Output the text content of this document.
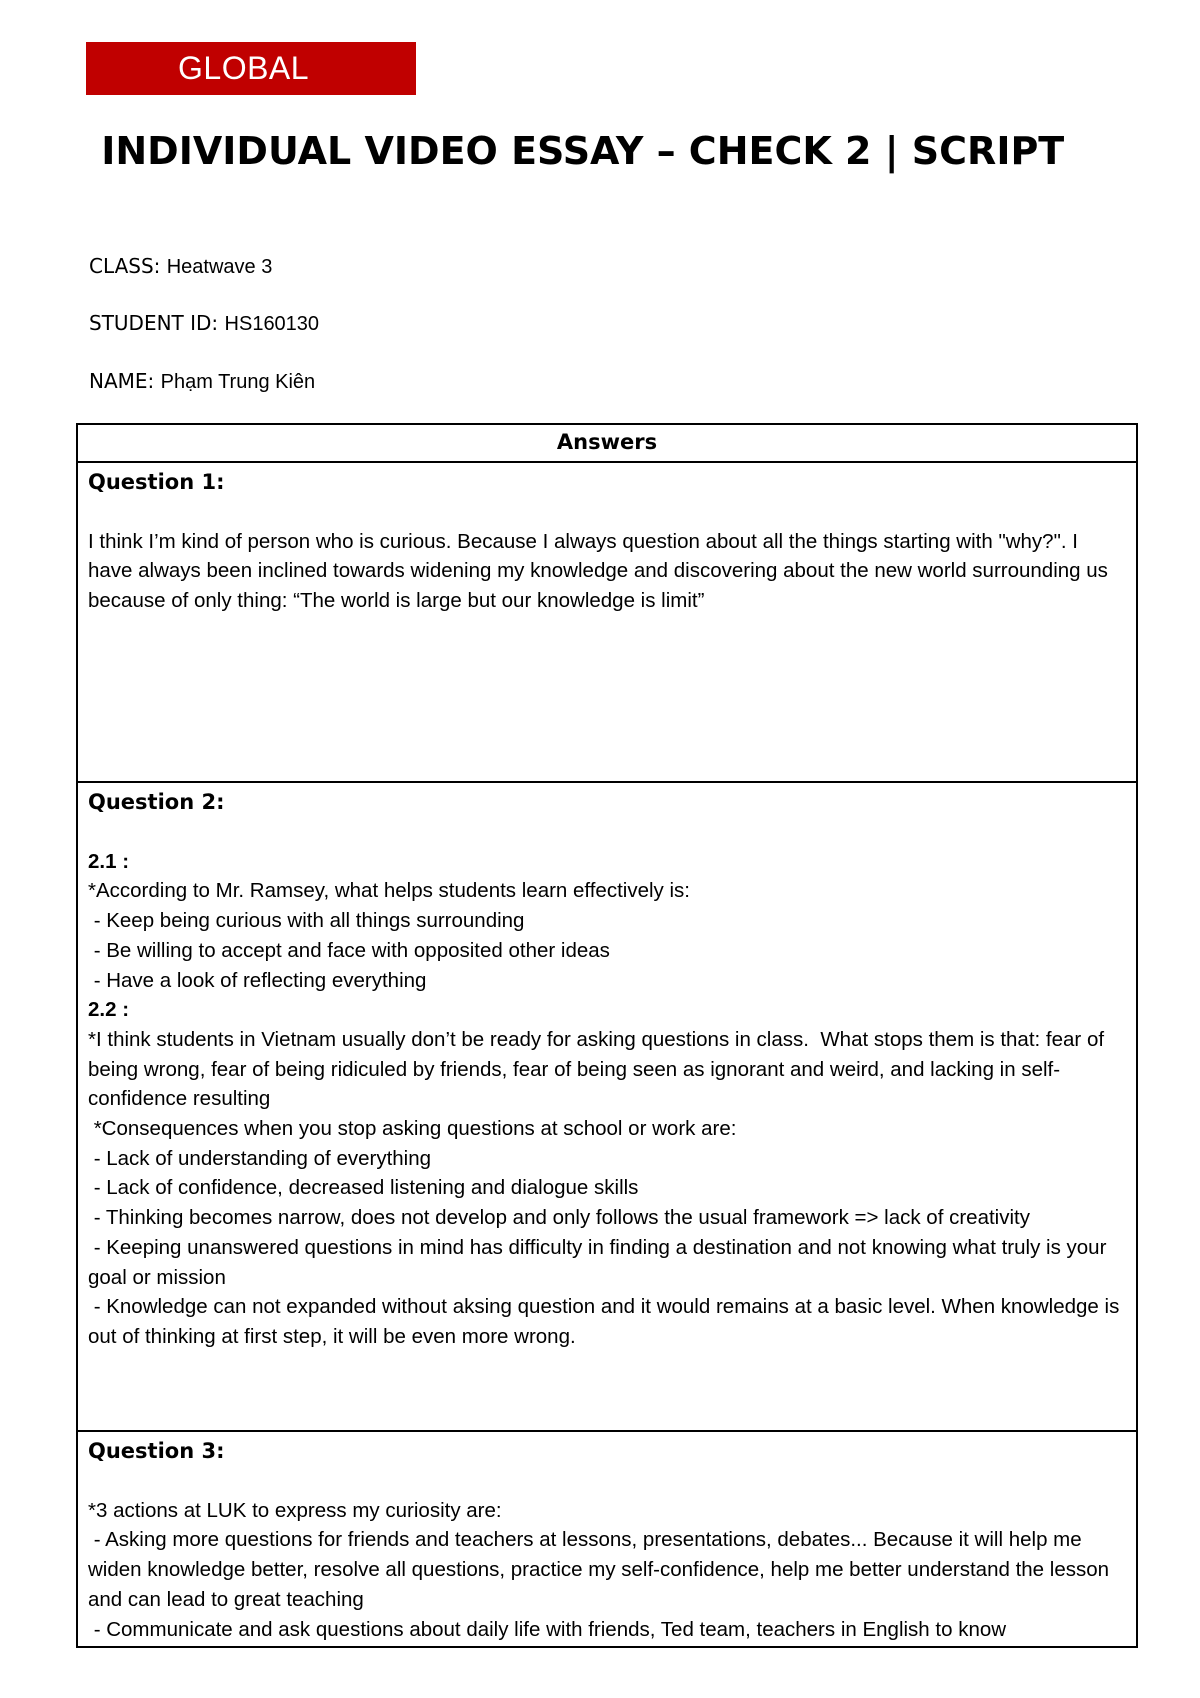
GLOBAL
INDIVIDUAL VIDEO ESSAY – CHECK 2 | SCRIPT
CLASS: Heatwave 3
STUDENT ID: HS160130
NAME: Phạm Trung Kiên
Answers

Question 1:
I think I’m kind of person who is curious. Because I always question about all the things starting with "why?". I have always been inclined towards widening my knowledge and discovering about the new world surrounding us because of only thing: “The world is large but our knowledge is limit”

Question 2:
2.1 :
*According to Mr. Ramsey, what helps students learn effectively is:
- Keep being curious with all things surrounding
- Be willing to accept and face with opposited other ideas
- Have a look of reflecting everything
2.2 :
*I think students in Vietnam usually don’t be ready for asking questions in class.  What stops them is that: fear of being wrong, fear of being ridiculed by friends, fear of being seen as ignorant and weird, and lacking in self-confidence resulting
*Consequences when you stop asking questions at school or work are:
- Lack of understanding of everything
- Lack of confidence, decreased listening and dialogue skills
- Thinking becomes narrow, does not develop and only follows the usual framework => lack of creativity
- Keeping unanswered questions in mind has difficulty in finding a destination and not knowing what truly is your goal or mission
- Knowledge can not expanded without aksing question and it would remains at a basic level. When knowledge is out of thinking at first step, it will be even more wrong.

Question 3:
*3 actions at LUK to express my curiosity are:
- Asking more questions for friends and teachers at lessons, presentations, debates... Because it will help me widen knowledge better, resolve all questions, practice my self-confidence, help me better understand the lesson and can lead to great teaching
- Communicate and ask questions about daily life with friends, Ted team, teachers in English to know
